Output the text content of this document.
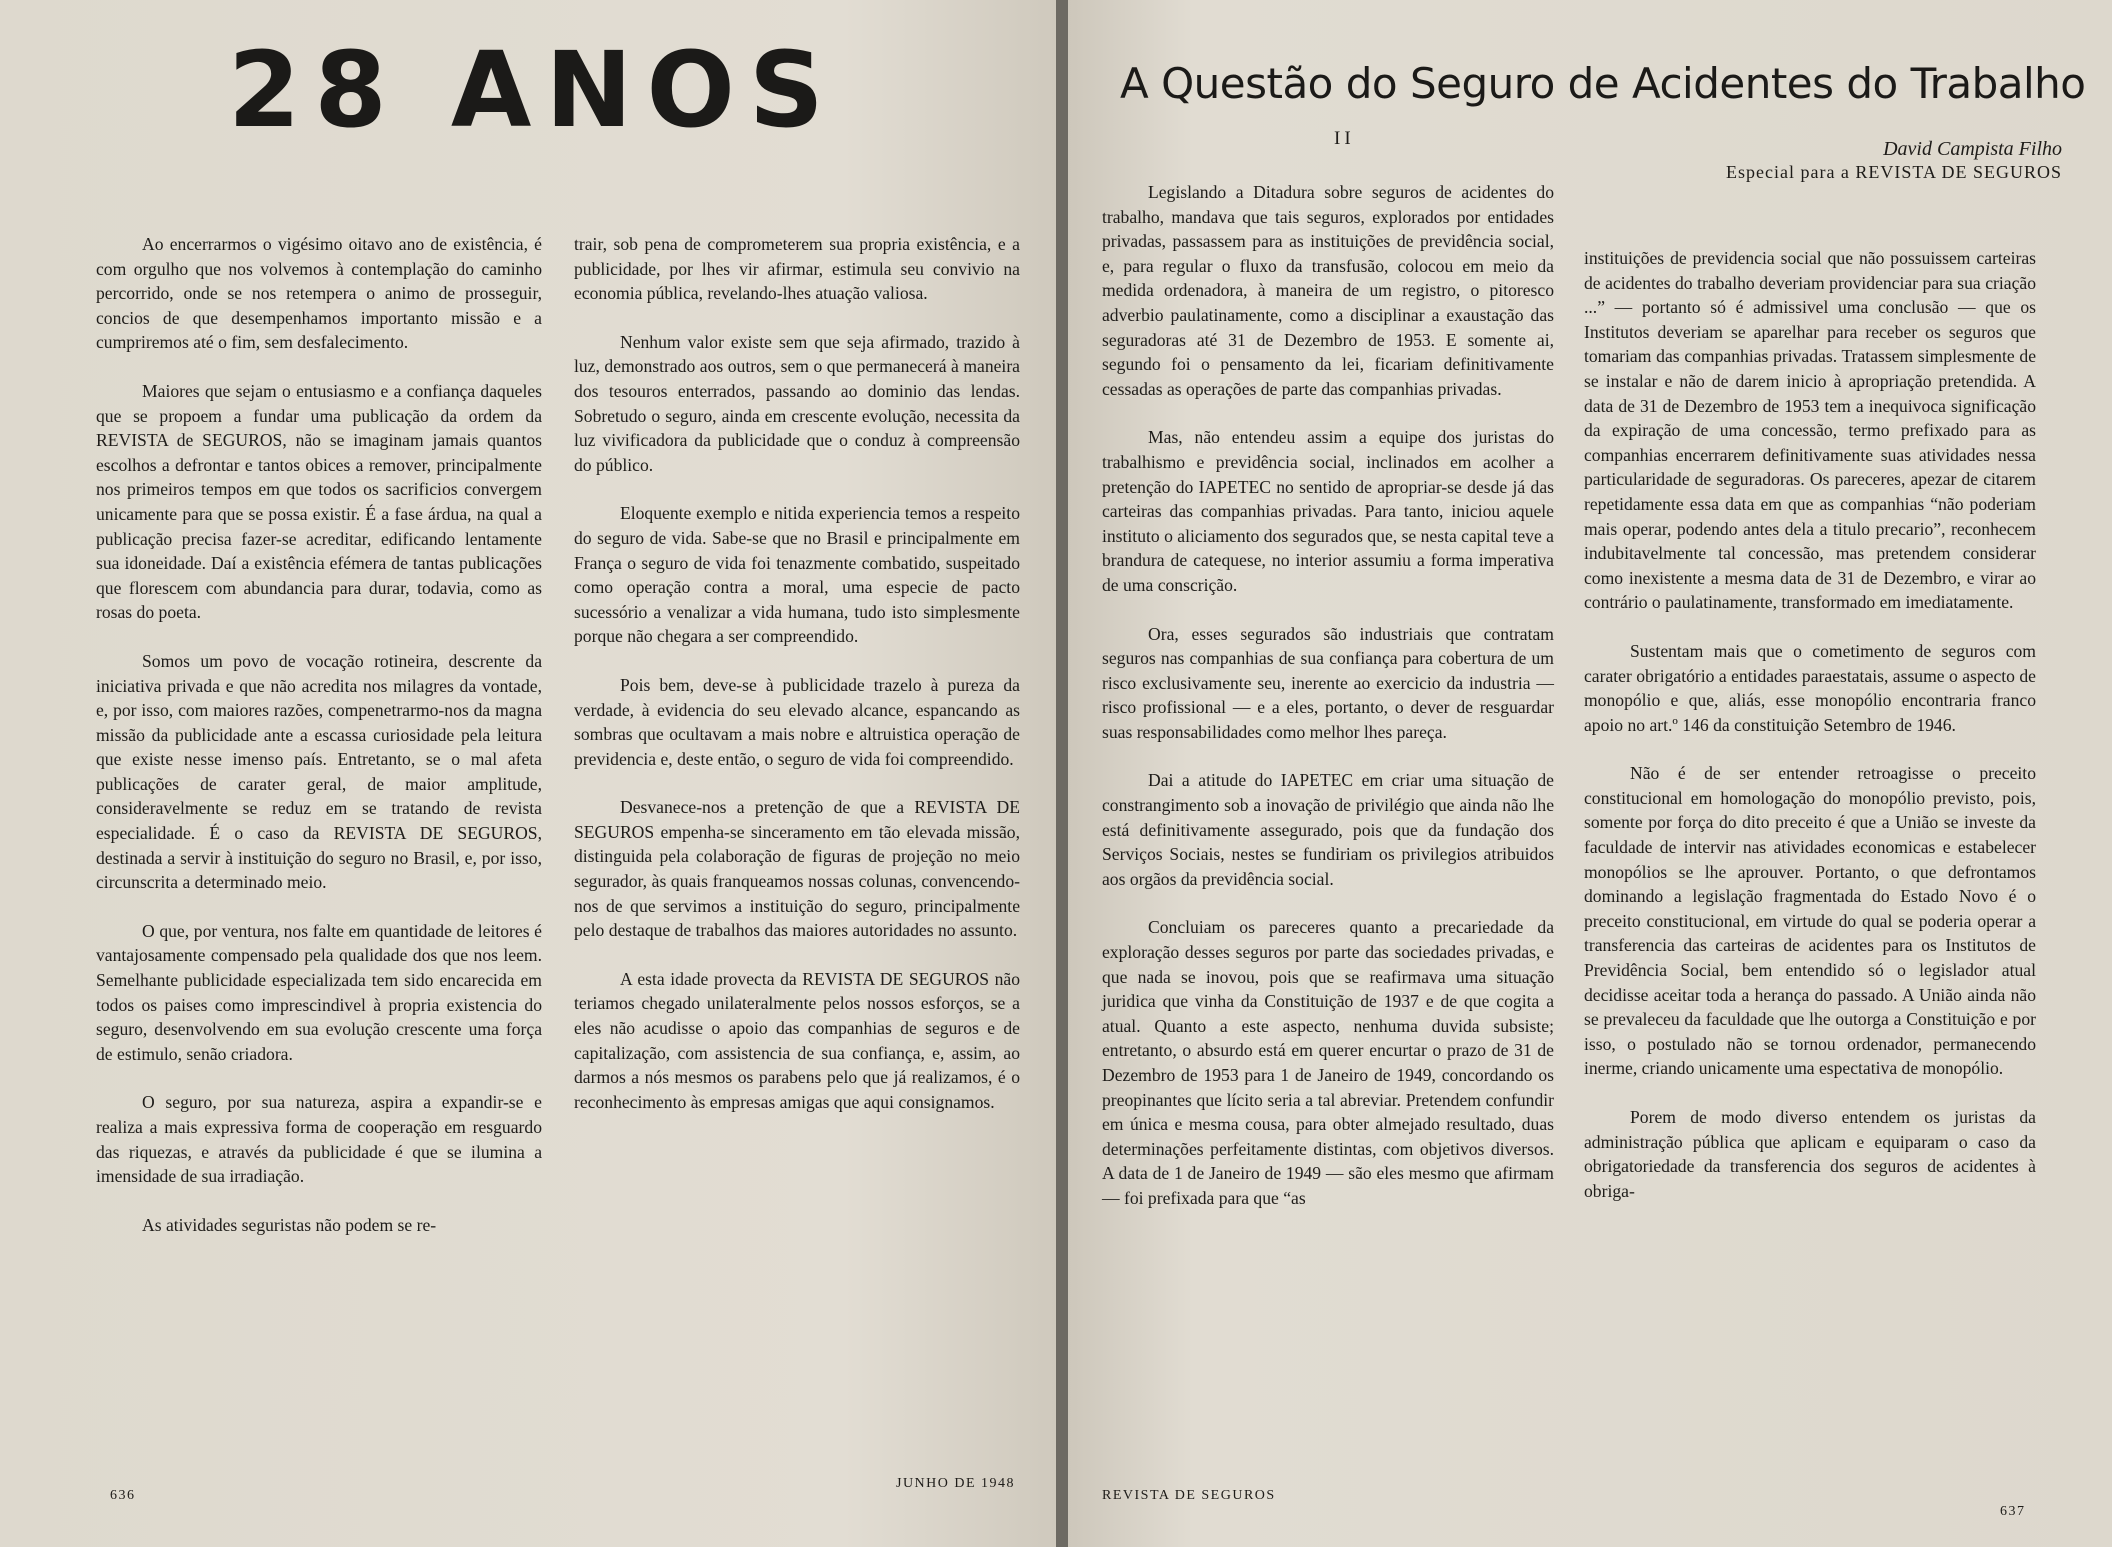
28 ANOS

Ao encerrarmos o vigésimo oitavo ano de existência, é com orgulho que nos volvemos à contemplação do caminho percorrido, onde se nos retempera o animo de prosseguir, concios de que desempenhamos importanto missão e a cumpriremos até o fim, sem desfalecimento.

Maiores que sejam o entusiasmo e a confiança daqueles que se propoem a fundar uma publicação da ordem da REVISTA de SEGUROS, não se imaginam jamais quantos escolhos a defrontar e tantos obices a remover, principalmente nos primeiros tempos em que todos os sacrificios convergem unicamente para que se possa existir. É a fase árdua, na qual a publicação precisa fazer-se acreditar, edificando lentamente sua idoneidade. Daí a existência efémera de tantas publicações que florescem com abundancia para durar, todavia, como as rosas do poeta.

Somos um povo de vocação rotineira, descrente da iniciativa privada e que não acredita nos milagres da vontade, e, por isso, com maiores razões, compenetrarmo-nos da magna missão da publicidade ante a escassa curiosidade pela leitura que existe nesse imenso país. Entretanto, se o mal afeta publicações de carater geral, de maior amplitude, consideravelmente se reduz em se tratando de revista especialidade. É o caso da REVISTA DE SEGUROS, destinada a servir à instituição do seguro no Brasil, e, por isso, circunscrita a determinado meio.

O que, por ventura, nos falte em quantidade de leitores é vantajosamente compensado pela qualidade dos que nos leem. Semelhante publicidade especializada tem sido encarecida em todos os paises como imprescindivel à propria existencia do seguro, desenvolvendo em sua evolução crescente uma força de estimulo, senão criadora.

O seguro, por sua natureza, aspira a expandir-se e realiza a mais expressiva forma de cooperação em resguardo das riquezas, e através da publicidade é que se ilumina a imensidade de sua irradiação.

As atividades seguristas não podem se re-

trair, sob pena de comprometerem sua propria existência, e a publicidade, por lhes vir afirmar, estimula seu convivio na economia pública, revelando-lhes atuação valiosa.

Nenhum valor existe sem que seja afirmado, trazido à luz, demonstrado aos outros, sem o que permanecerá à maneira dos tesouros enterrados, passando ao dominio das lendas. Sobretudo o seguro, ainda em crescente evolução, necessita da luz vivificadora da publicidade que o conduz à compreensão do público.

Eloquente exemplo e nitida experiencia temos a respeito do seguro de vida. Sabe-se que no Brasil e principalmente em França o seguro de vida foi tenazmente combatido, suspeitado como operação contra a moral, uma especie de pacto sucessório a venalizar a vida humana, tudo isto simplesmente porque não chegara a ser compreendido.

Pois bem, deve-se à publicidade trazelo à pureza da verdade, à evidencia do seu elevado alcance, espancando as sombras que ocultavam a mais nobre e altruistica operação de previdencia e, deste então, o seguro de vida foi compreendido.

Desvanece-nos a pretenção de que a REVISTA DE SEGUROS empenha-se sinceramento em tão elevada missão, distinguida pela colaboração de figuras de projeção no meio segurador, às quais franqueamos nossas colunas, convencendo-nos de que servimos a instituição do seguro, principalmente pelo destaque de trabalhos das maiores autoridades no assunto.

A esta idade provecta da REVISTA DE SEGUROS não teriamos chegado unilateralmente pelos nossos esforços, se a eles não acudisse o apoio das companhias de seguros e de capitalização, com assistencia de sua confiança, e, assim, ao darmos a nós mesmos os parabens pelo que já realizamos, é o reconhecimento às empresas amigas que aqui consignamos.

636
JUNHO DE 1948
A Questão do Seguro de Acidentes do Trabalho
II	David Campista Filho
Especial para a REVISTA DE SEGUROS

Legislando a Ditadura sobre seguros de acidentes do trabalho, mandava que tais seguros, explorados por entidades privadas, passassem para as instituições de previdência social, e, para regular o fluxo da transfusão, colocou em meio da medida ordenadora, à maneira de um registro, o pitoresco adverbio paulatinamente, como a disciplinar a exaustação das seguradoras até 31 de Dezembro de 1953. E somente ai, segundo foi o pensamento da lei, ficariam definitivamente cessadas as operações de parte das companhias privadas.

Mas, não entendeu assim a equipe dos juristas do trabalhismo e previdência social, inclinados em acolher a pretenção do IAPETEC no sentido de apropriar-se desde já das carteiras das companhias privadas. Para tanto, iniciou aquele instituto o aliciamento dos segurados que, se nesta capital teve a brandura de catequese, no interior assumiu a forma imperativa de uma conscrição.

Ora, esses segurados são industriais que contratam seguros nas companhias de sua confiança para cobertura de um risco exclusivamente seu, inerente ao exercicio da industria — risco profissional — e a eles, portanto, o dever de resguardar suas responsabilidades como melhor lhes pareça.

Dai a atitude do IAPETEC em criar uma situação de constrangimento sob a inovação de privilégio que ainda não lhe está definitivamente assegurado, pois que da fundação dos Serviços Sociais, nestes se fundiriam os privilegios atribuidos aos orgãos da previdência social.

Concluiam os pareceres quanto a precariedade da exploração desses seguros por parte das sociedades privadas, e que nada se inovou, pois que se reafirmava uma situação juridica que vinha da Constituição de 1937 e de que cogita a atual. Quanto a este aspecto, nenhuma duvida subsiste; entretanto, o absurdo está em querer encurtar o prazo de 31 de Dezembro de 1953 para 1 de Janeiro de 1949, concordando os preopinantes que lícito seria a tal abreviar. Pretendem confundir em única e mesma cousa, para obter almejado resultado, duas determinações perfeitamente distintas, com objetivos diversos. A data de 1 de Janeiro de 1949 — são eles mesmo que afirmam — foi prefixada para que “as

instituições de previdencia social que não possuissem carteiras de acidentes do trabalho deveriam providenciar para sua criação ...” — portanto só é admissivel uma conclusão — que os Institutos deveriam se aparelhar para receber os seguros que tomariam das companhias privadas. Tratassem simplesmente de se instalar e não de darem inicio à apropriação pretendida. A data de 31 de Dezembro de 1953 tem a inequivoca significação da expiração de uma concessão, termo prefixado para as companhias encerrarem definitivamente suas atividades nessa particularidade de seguradoras. Os pareceres, apezar de citarem repetidamente essa data em que as companhias “não poderiam mais operar, podendo antes dela a titulo precario”, reconhecem indubitavelmente tal concessão, mas pretendem considerar como inexistente a mesma data de 31 de Dezembro, e virar ao contrário o paulatinamente, transformado em imediatamente.

Sustentam mais que o cometimento de seguros com carater obrigatório a entidades paraestatais, assume o aspecto de monopólio e que, aliás, esse monopólio encontraria franco apoio no art.º 146 da constituição Setembro de 1946.

Não é de ser entender retroagisse o preceito constitucional em homologação do monopólio previsto, pois, somente por força do dito preceito é que a União se investe da faculdade de intervir nas atividades economicas e estabelecer monopólios se lhe aprouver. Portanto, o que defrontamos dominando a legislação fragmentada do Estado Novo é o preceito constitucional, em virtude do qual se poderia operar a transferencia das carteiras de acidentes para os Institutos de Previdência Social, bem entendido só o legislador atual decidisse aceitar toda a herança do passado. A União ainda não se prevaleceu da faculdade que lhe outorga a Constituição e por isso, o postulado não se tornou ordenador, permanecendo inerme, criando unicamente uma espectativa de monopólio.

Porem de modo diverso entendem os juristas da administração pública que aplicam e equiparam o caso da obrigatoriedade da transferencia dos seguros de acidentes à obriga-

REVISTA DE SEGUROS
637
